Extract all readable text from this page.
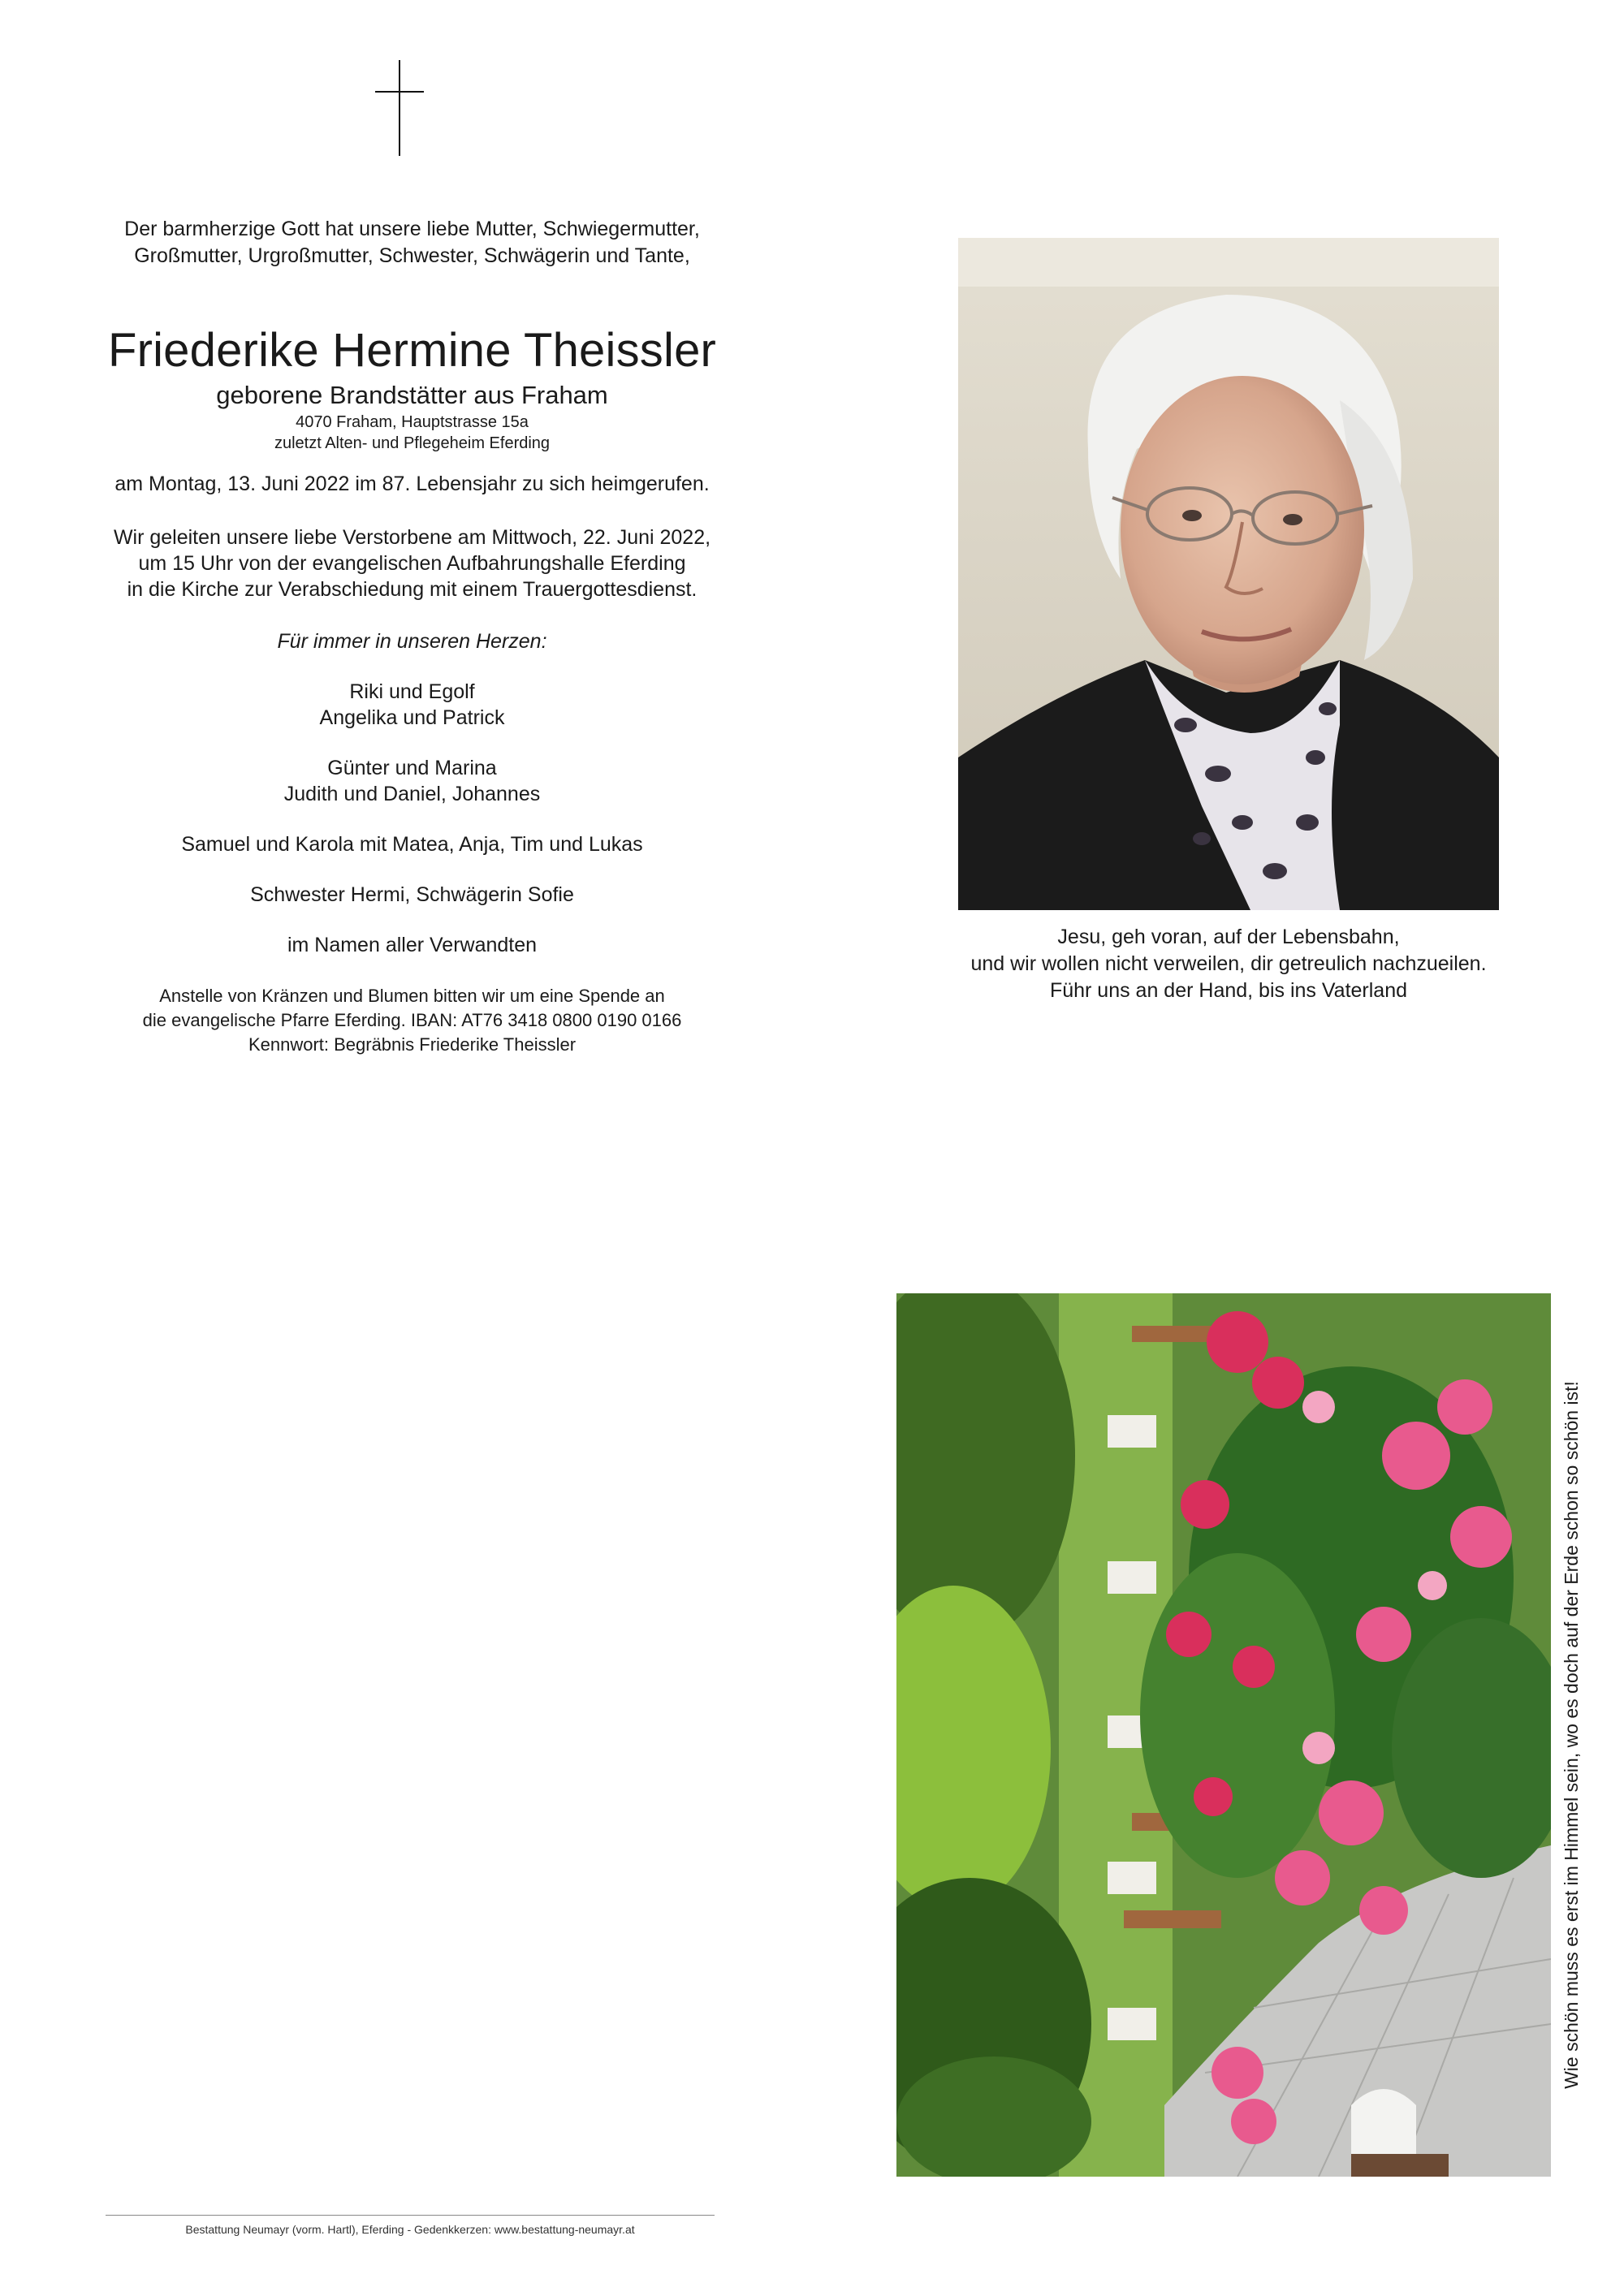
Der barmherzige Gott hat unsere liebe Mutter, Schwiegermutter,
Großmutter, Urgroßmutter, Schwester, Schwägerin und Tante,
Friederike Hermine Theissler
geborene Brandstätter aus Fraham
4070 Fraham, Hauptstrasse 15a
zuletzt Alten- und Pflegeheim Eferding
am Montag, 13. Juni 2022 im 87. Lebensjahr zu sich heimgerufen.
Wir geleiten unsere liebe Verstorbene am Mittwoch, 22. Juni 2022,
um 15 Uhr von der evangelischen Aufbahrungshalle Eferding
in die Kirche zur Verabschiedung mit einem Trauergottesdienst.
Für immer in unseren Herzen:
Riki und Egolf
Angelika und Patrick
Günter und Marina
Judith und Daniel, Johannes
Samuel und Karola mit Matea, Anja, Tim und Lukas
Schwester Hermi, Schwägerin Sofie
im Namen aller Verwandten
Anstelle von Kränzen und Blumen bitten wir um eine Spende an
die evangelische Pfarre Eferding. IBAN: AT76 3418 0800 0190 0166
Kennwort: Begräbnis Friederike Theissler
Jesu, geh voran, auf der Lebensbahn,
und wir wollen nicht verweilen, dir getreulich nachzueilen.
Führ uns an der Hand, bis ins Vaterland
Wie schön muss es erst im Himmel sein, wo es doch auf der Erde schon so schön ist!
Bestattung Neumayr (vorm. Hartl), Eferding - Gedenkkerzen: www.bestattung-neumayr.at
